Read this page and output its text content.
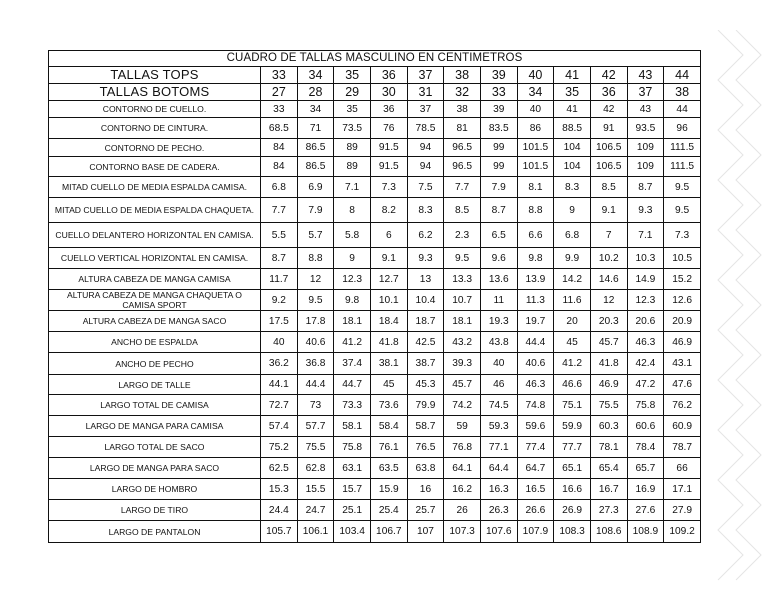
CUADRO DE TALLAS MASCULINO EN CENTIMETROS												
TALLAS TOPS	33	34	35	36	37	38	39	40	41	42	43	44
TALLAS BOTOMS	27	28	29	30	31	32	33	34	35	36	37	38
CONTORNO DE CUELLO.	33	34	35	36	37	38	39	40	41	42	43	44
CONTORNO DE CINTURA.	68.5	71	73.5	76	78.5	81	83.5	86	88.5	91	93.5	96
CONTORNO DE PECHO.	84	86.5	89	91.5	94	96.5	99	101.5	104	106.5	109	111.5
CONTORNO BASE DE CADERA.	84	86.5	89	91.5	94	96.5	99	101.5	104	106.5	109	111.5
MITAD CUELLO DE MEDIA ESPALDA CAMISA.	6.8	6.9	7.1	7.3	7.5	7.7	7.9	8.1	8.3	8.5	8.7	9.5
MITAD CUELLO DE MEDIA ESPALDA CHAQUETA.	7.7	7.9	8	8.2	8.3	8.5	8.7	8.8	9	9.1	9.3	9.5
CUELLO DELANTERO HORIZONTAL EN CAMISA.	5.5	5.7	5.8	6	6.2	2.3	6.5	6.6	6.8	7	7.1	7.3
CUELLO VERTICAL HORIZONTAL EN CAMISA.	8.7	8.8	9	9.1	9.3	9.5	9.6	9.8	9.9	10.2	10.3	10.5
ALTURA CABEZA DE MANGA CAMISA	11.7	12	12.3	12.7	13	13.3	13.6	13.9	14.2	14.6	14.9	15.2
ALTURA CABEZA DE MANGA CHAQUETA O CAMISA SPORT	9.2	9.5	9.8	10.1	10.4	10.7	11	11.3	11.6	12	12.3	12.6
ALTURA CABEZA DE MANGA SACO	17.5	17.8	18.1	18.4	18.7	18.1	19.3	19.7	20	20.3	20.6	20.9
ANCHO DE ESPALDA	40	40.6	41.2	41.8	42.5	43.2	43.8	44.4	45	45.7	46.3	46.9
ANCHO DE PECHO	36.2	36.8	37.4	38.1	38.7	39.3	40	40.6	41.2	41.8	42.4	43.1
LARGO DE TALLE	44.1	44.4	44.7	45	45.3	45.7	46	46.3	46.6	46.9	47.2	47.6
LARGO TOTAL DE CAMISA	72.7	73	73.3	73.6	79.9	74.2	74.5	74.8	75.1	75.5	75.8	76.2
LARGO DE MANGA PARA CAMISA	57.4	57.7	58.1	58.4	58.7	59	59.3	59.6	59.9	60.3	60.6	60.9
LARGO TOTAL DE SACO	75.2	75.5	75.8	76.1	76.5	76.8	77.1	77.4	77.7	78.1	78.4	78.7
LARGO DE MANGA PARA SACO	62.5	62.8	63.1	63.5	63.8	64.1	64.4	64.7	65.1	65.4	65.7	66
LARGO DE HOMBRO	15.3	15.5	15.7	15.9	16	16.2	16.3	16.5	16.6	16.7	16.9	17.1
LARGO DE TIRO	24.4	24.7	25.1	25.4	25.7	26	26.3	26.6	26.9	27.3	27.6	27.9
LARGO DE PANTALON	105.7	106.1	103.4	106.7	107	107.3	107.6	107.9	108.3	108.6	108.9	109.2
